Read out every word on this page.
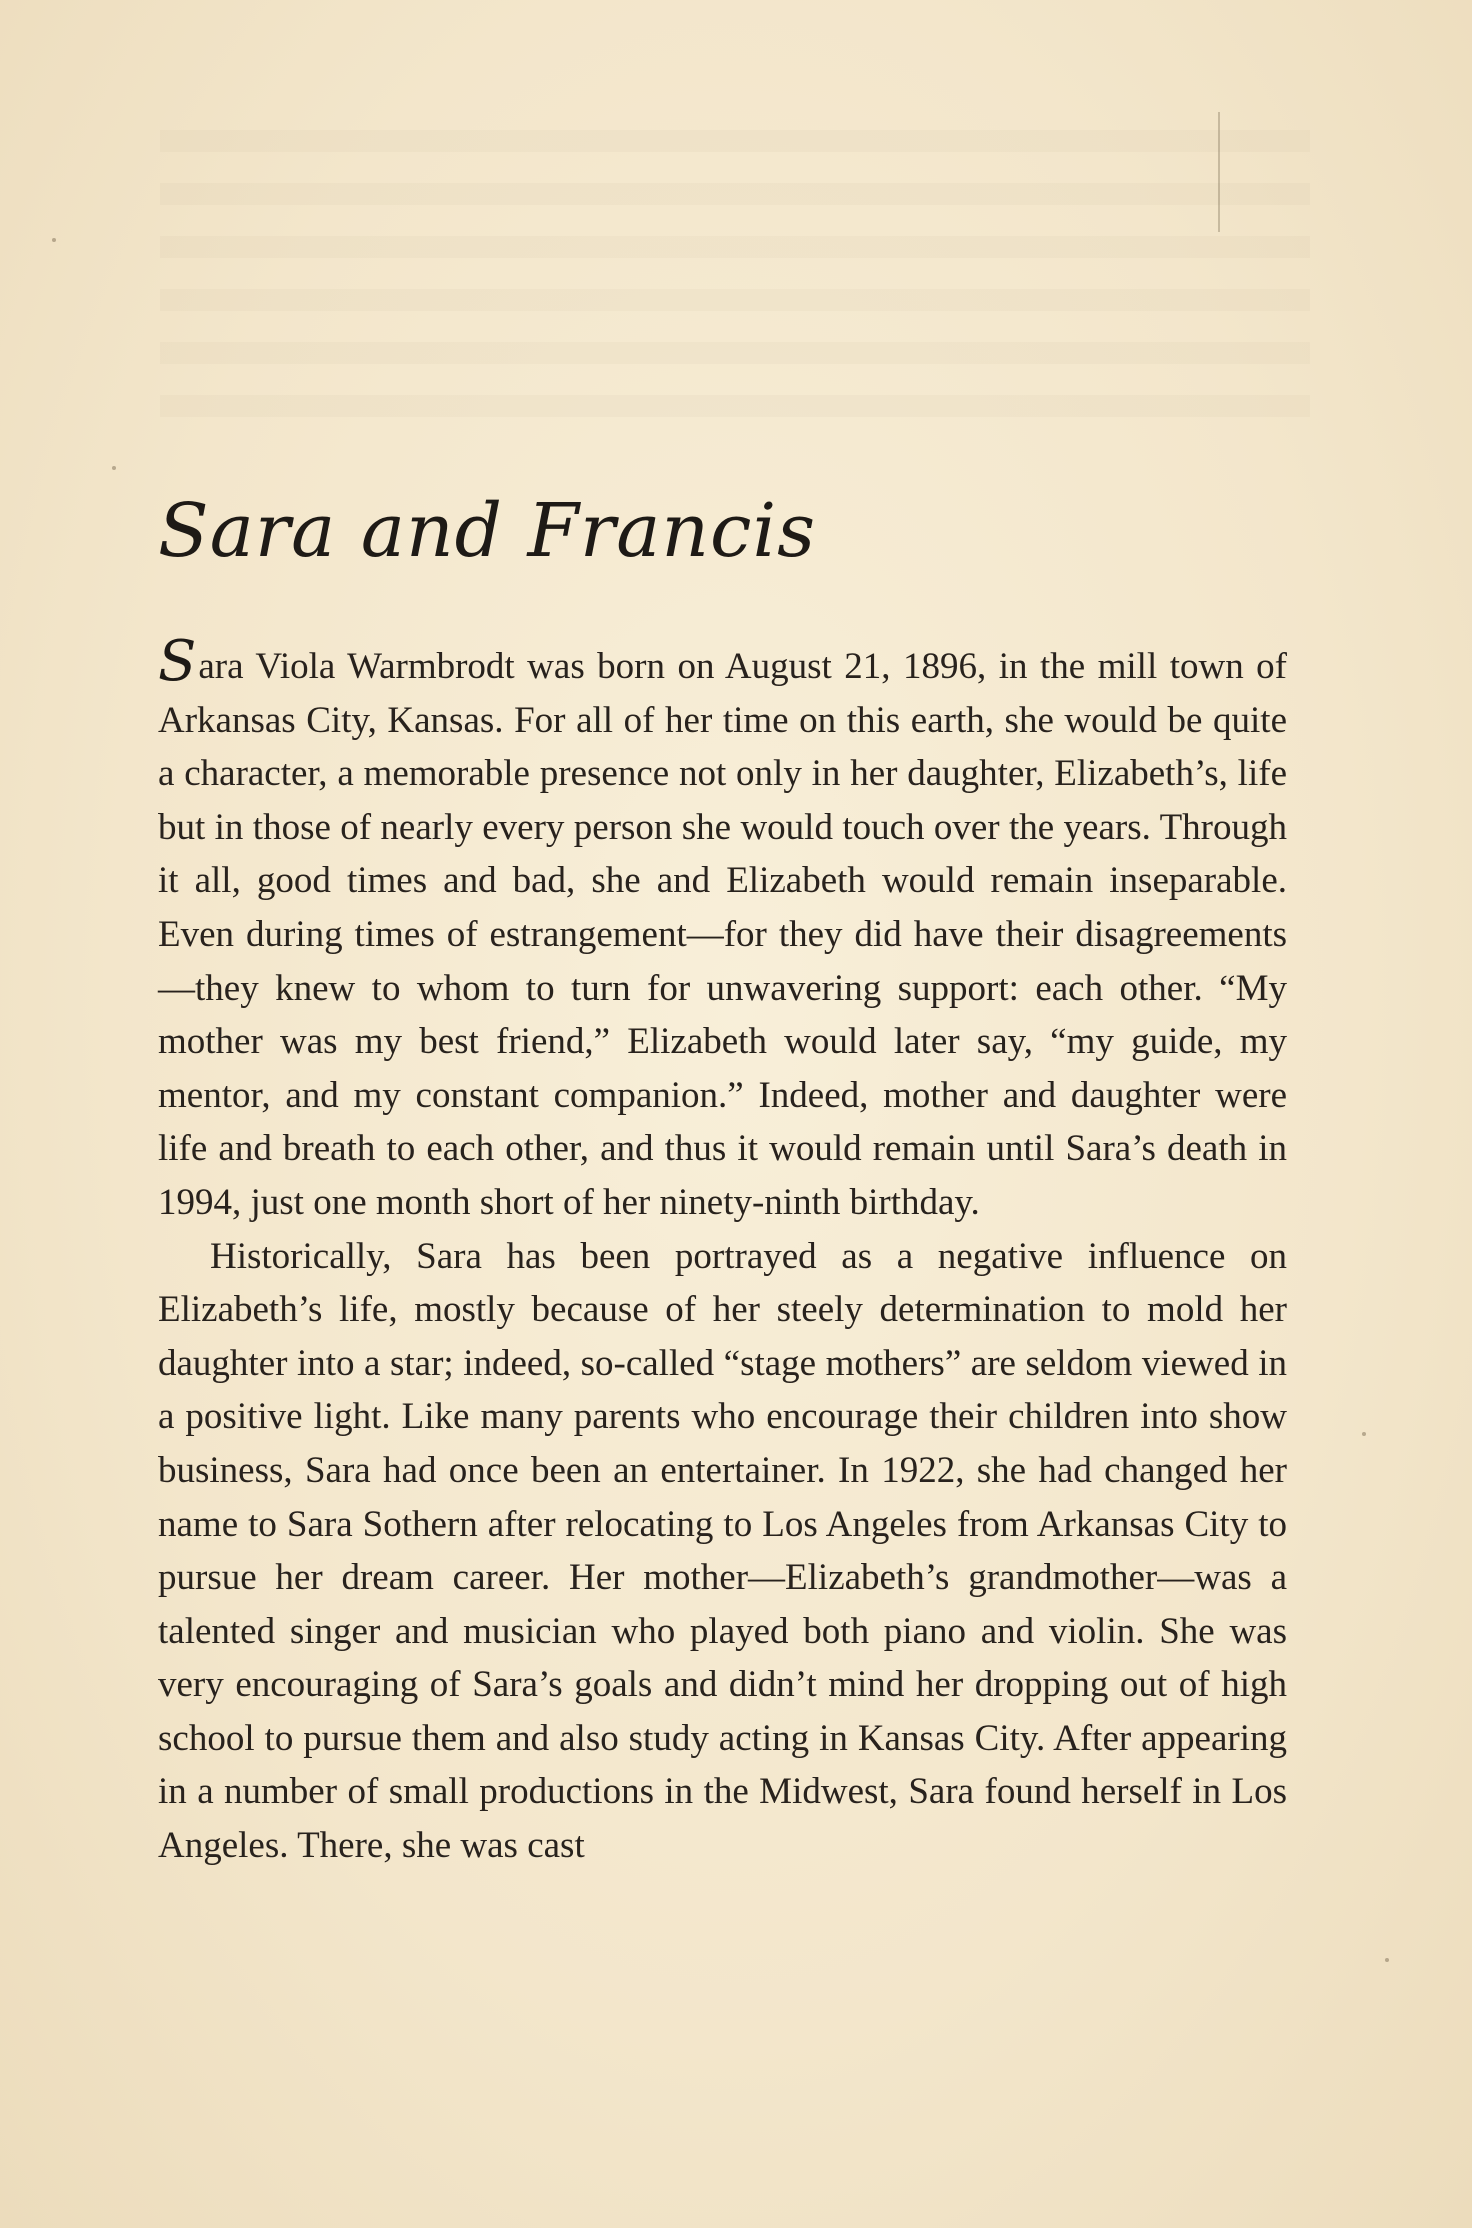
Sara and Francis

Sara Viola Warmbrodt was born on August 21, 1896, in the mill town of Arkansas City, Kansas. For all of her time on this earth, she would be quite a character, a memorable presence not only in her daughter, Elizabeth’s, life but in those of nearly every person she would touch over the years. Through it all, good times and bad, she and Elizabeth would remain inseparable. Even during times of estrangement—for they did have their disagreements—they knew to whom to turn for unwavering support: each other. “My mother was my best friend,” Elizabeth would later say, “my guide, my mentor, and my constant companion.” Indeed, mother and daughter were life and breath to each other, and thus it would remain until Sara’s death in 1994, just one month short of her ninety-ninth birthday.

Historically, Sara has been portrayed as a negative influence on Elizabeth’s life, mostly because of her steely determination to mold her daughter into a star; indeed, so-called “stage mothers” are seldom viewed in a positive light. Like many parents who encourage their children into show business, Sara had once been an entertainer. In 1922, she had changed her name to Sara Sothern after relocating to Los Angeles from Arkansas City to pursue her dream career. Her mother—Elizabeth’s grandmother—was a talented singer and musician who played both piano and violin. She was very encouraging of Sara’s goals and didn’t mind her dropping out of high school to pursue them and also study acting in Kansas City. After appearing in a number of small productions in the Midwest, Sara found herself in Los Angeles. There, she was cast
